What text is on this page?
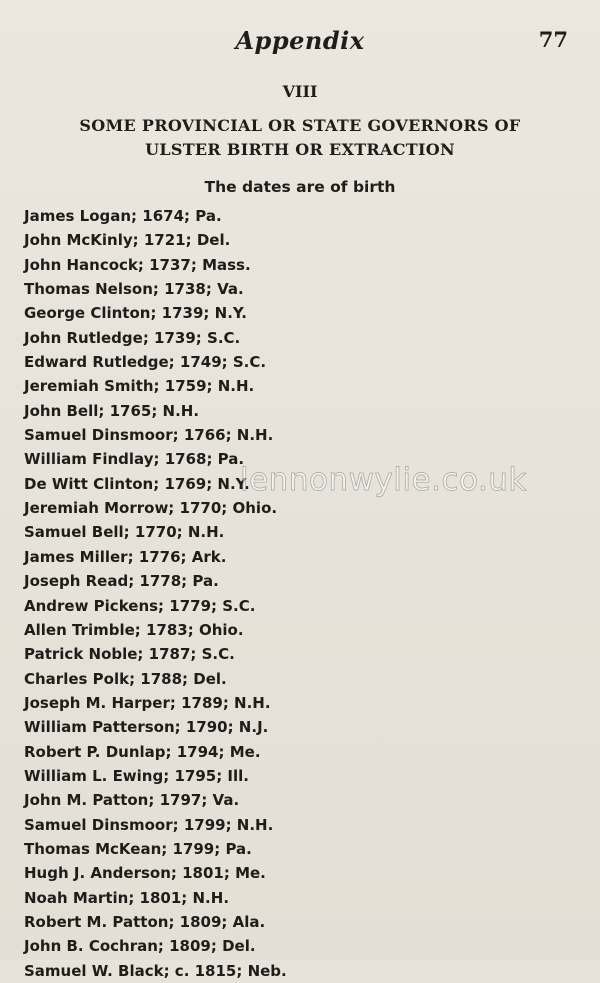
Appendix	77
VIII
SOME PROVINCIAL OR STATE GOVERNORS OF
ULSTER BIRTH OR EXTRACTION
The dates are of birth
James Logan; 1674; Pa.
John McKinly; 1721; Del.
John Hancock; 1737; Mass.
Thomas Nelson; 1738; Va.
George Clinton; 1739; N.Y.
John Rutledge; 1739; S.C.
Edward Rutledge; 1749; S.C.
Jeremiah Smith; 1759; N.H.
John Bell; 1765; N.H.
Samuel Dinsmoor; 1766; N.H.
William Findlay; 1768; Pa.
De Witt Clinton; 1769; N.Y.
Jeremiah Morrow; 1770; Ohio.
Samuel Bell; 1770; N.H.
James Miller; 1776; Ark.
Joseph Read; 1778; Pa.
Andrew Pickens; 1779; S.C.
Allen Trimble; 1783; Ohio.
Patrick Noble; 1787; S.C.
Charles Polk; 1788; Del.
Joseph M. Harper; 1789; N.H.
William Patterson; 1790; N.J.
Robert P. Dunlap; 1794; Me.
William L. Ewing; 1795; Ill.
John M. Patton; 1797; Va.
Samuel Dinsmoor; 1799; N.H.
Thomas McKean; 1799; Pa.
Hugh J. Anderson; 1801; Me.
Noah Martin; 1801; N.H.
Robert M. Patton; 1809; Ala.
John B. Cochran; 1809; Del.
Samuel W. Black; c. 1815; Neb.
lennonwylie.co.uk
